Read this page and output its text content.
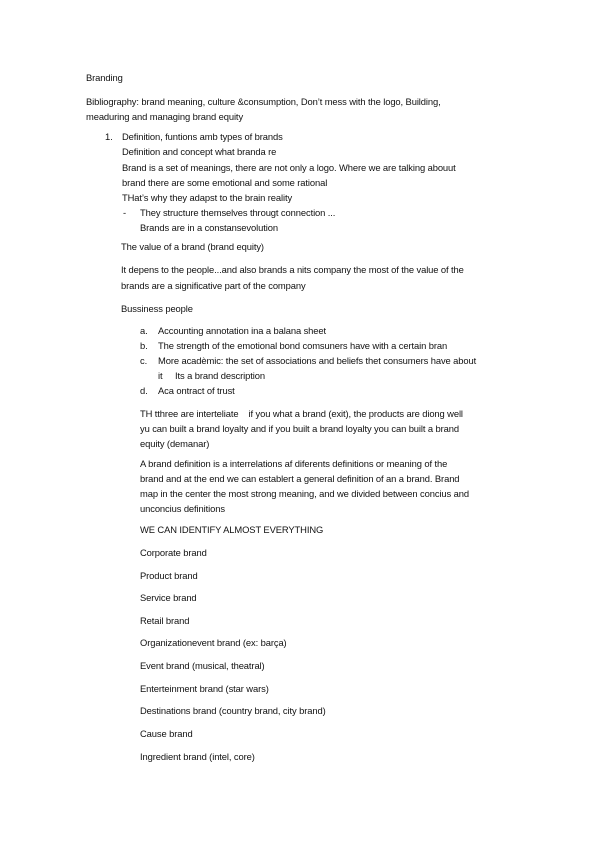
Branding
Bibliography: brand meaning, culture &consumption, Don’t mess with the logo, Building,
meaduring and managing brand equity
1. Definition, funtions amb types of brands
Definition and concept what branda re
Brand is a set of meanings, there are not only a logo. Where we are talking abouut
brand there are some emotional and some rational
THat’s why they adapst to the brain reality
- They structure themselves througt connection ...
Brands are in a constansevolution
The value of a brand (brand equity)
It depens to the people...and also brands a nits company the most of the value of the
brands are a significative part of the company
Bussiness people
a. Accounting annotation ina a balana sheet
b. The strength of the emotional bond comsuners have with a certain bran
c. More acadèmic: the set of associations and beliefs thet consumers have about
it     Its a brand description
d. Aca ontract of trust
TH tthree are interteliate    if you what a brand (exit), the products are diong well
yu can built a brand loyalty and if you built a brand loyalty you can built a brand
equity (demanar)
A brand definition is a interrelations af diferents definitions or meaning of the
brand and at the end we can establert a general definition of an a brand. Brand
map in the center the most strong meaning, and we divided between concius and
unconcius definitions
WE CAN IDENTIFY ALMOST EVERYTHING
Corporate brand
Product brand
Service brand
Retail brand
Organizationevent brand (ex: barça)
Event brand (musical, theatral)
Enterteinment brand (star wars)
Destinations brand (country brand, city brand)
Cause brand
Ingredient brand (intel, core)
